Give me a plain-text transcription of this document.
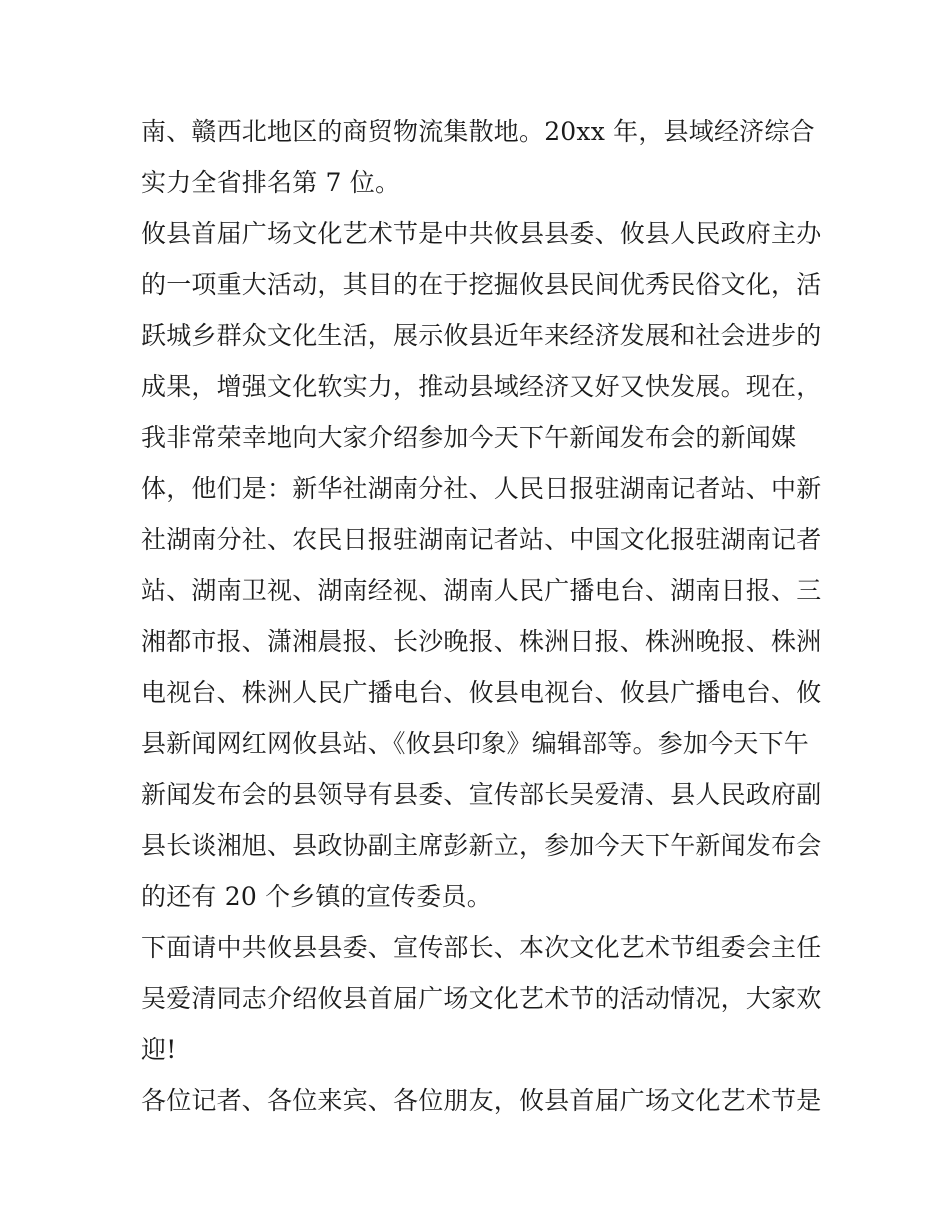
南、赣西北地区的商贸物流集散地。20xx 年，县域经济综合
实力全省排名第 7 位。
攸县首届广场文化艺术节是中共攸县县委、攸县人民政府主办
的一项重大活动，其目的在于挖掘攸县民间优秀民俗文化，活
跃城乡群众文化生活，展示攸县近年来经济发展和社会进步的
成果，增强文化软实力，推动县域经济又好又快发展。现在，
我非常荣幸地向大家介绍参加今天下午新闻发布会的新闻媒
体，他们是：新华社湖南分社、人民日报驻湖南记者站、中新
社湖南分社、农民日报驻湖南记者站、中国文化报驻湖南记者
站、湖南卫视、湖南经视、湖南人民广播电台、湖南日报、三
湘都市报、潇湘晨报、长沙晚报、株洲日报、株洲晚报、株洲
电视台、株洲人民广播电台、攸县电视台、攸县广播电台、攸
县新闻网红网攸县站、《攸县印象》编辑部等。参加今天下午
新闻发布会的县领导有县委、宣传部长吴爱清、县人民政府副
县长谈湘旭、县政协副主席彭新立，参加今天下午新闻发布会
的还有 20 个乡镇的宣传委员。
下面请中共攸县县委、宣传部长、本次文化艺术节组委会主任
吴爱清同志介绍攸县首届广场文化艺术节的活动情况，大家欢
迎!
各位记者、各位来宾、各位朋友，攸县首届广场文化艺术节是
